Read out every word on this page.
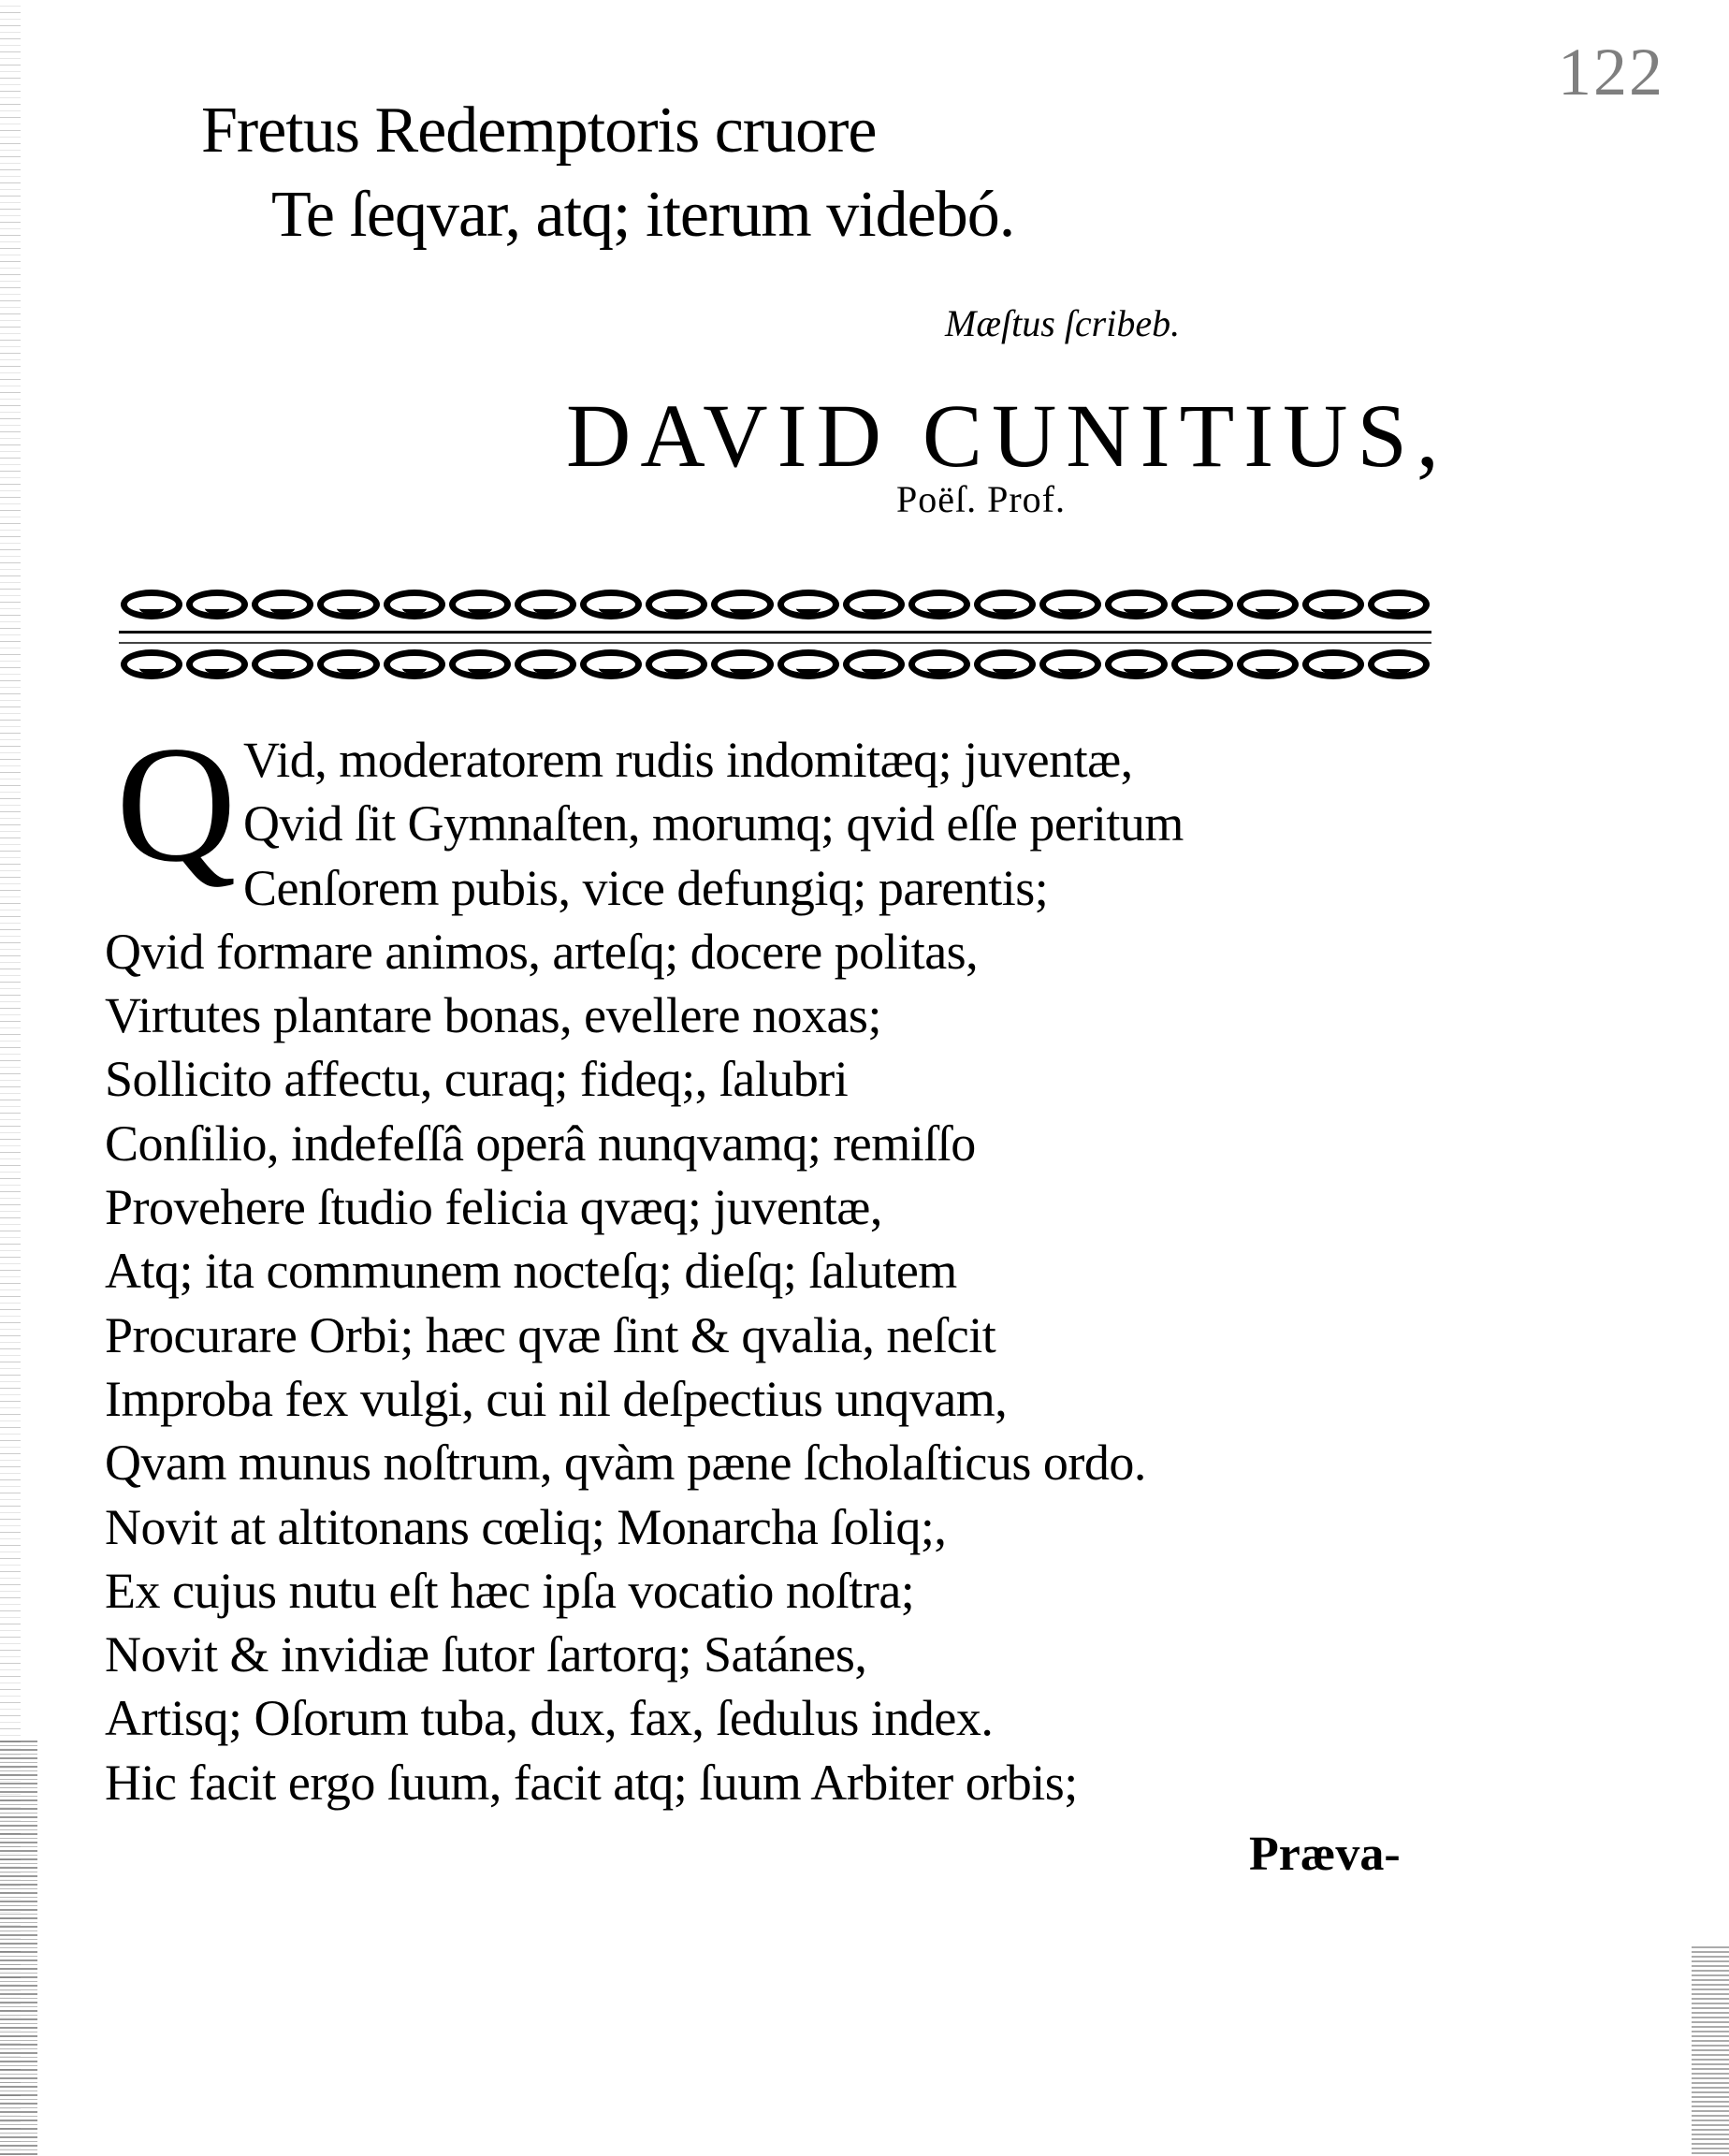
122
Fretus Redemptoris cruore
Te ſeqvar, atq; iterum videbó.
Mæſtus ſcribeb.
DAVID CUNITIUS,
Poëſ. Prof.
Q Vid, moderatorem rudis indomitæq; juventæ,
Qvid ſit Gymnaſten, morumq; qvid eſſe peritum
Cenſorem pubis, vice defungiq; parentis;
Qvid formare animos, arteſq; docere politas,
Virtutes plantare bonas, evellere noxas;
Sollicito affectu, curaq; fideq;, ſalubri
Conſilio, indefeſſâ operâ nunqvamq; remiſſo
Provehere ſtudio felicia qvæq; juventæ,
Atq; ita communem nocteſq; dieſq; ſalutem
Procurare Orbi; hæc qvæ ſint & qvalia, neſcit
Improba fex vulgi, cui nil deſpectius unqvam,
Qvam munus noſtrum, qvàm pæne ſcholaſticus ordo.
Novit at altitonans cœliq; Monarcha ſoliq;,
Ex cujus nutu eſt hæc ipſa vocatio noſtra;
Novit & invidiæ ſutor ſartorq; Satánes,
Artisq; Oſorum tuba, dux, fax, ſedulus index.
Hic facit ergo ſuum, facit atq; ſuum Arbiter orbis;
Præva-
